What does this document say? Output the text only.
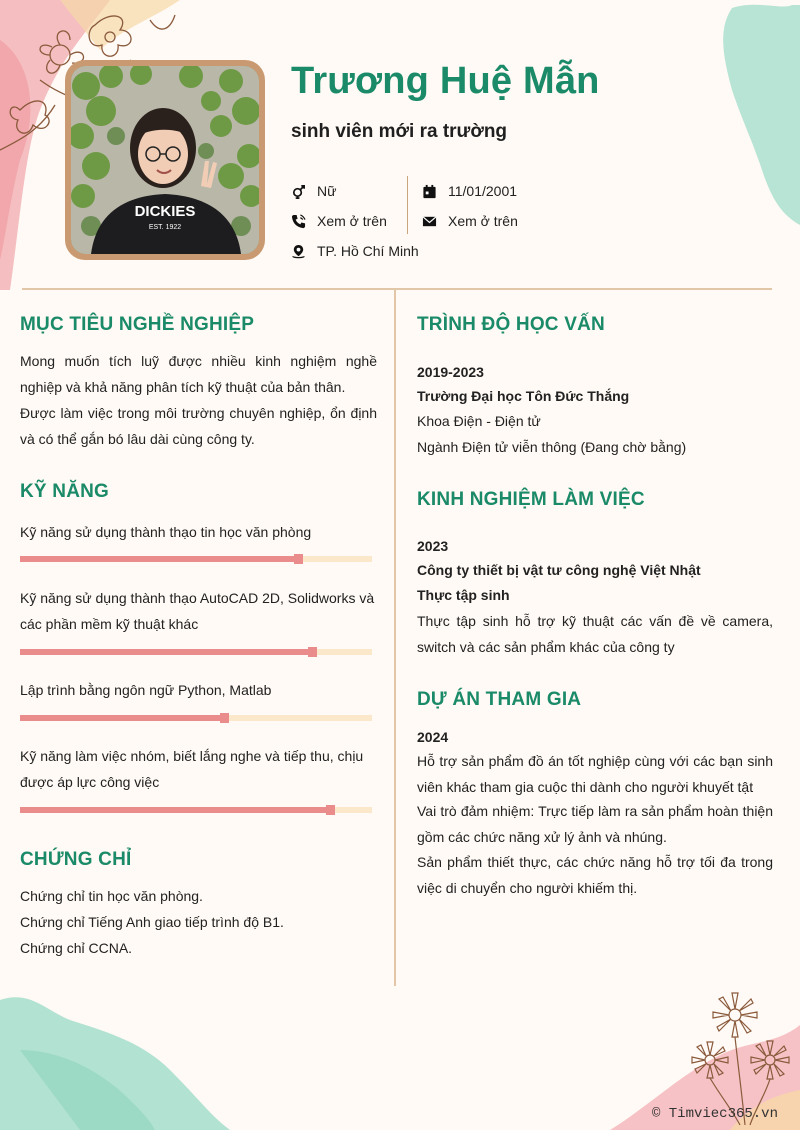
DICKIES
EST. 1922
Trương Huệ Mẫn
sinh viên mới ra trường
Nữ
Xem ở trên
TP. Hồ Chí Minh
11/01/2001
Xem ở trên
MỤC TIÊU NGHỀ NGHIỆP
Mong muốn tích luỹ được nhiều kinh nghiệm nghề nghiệp và khả năng phân tích kỹ thuật của bản thân.
Được làm việc trong môi trường chuyên nghiệp, ổn định và có thể gắn bó lâu dài cùng công ty.
KỸ NĂNG
Kỹ năng sử dụng thành thạo tin học văn phòng
Kỹ năng sử dụng thành thạo AutoCAD 2D, Solidworks và các phần mềm kỹ thuật khác
Lập trình bằng ngôn ngữ Python, Matlab
Kỹ năng làm việc nhóm, biết lắng nghe và tiếp thu, chịu được áp lực công việc
CHỨNG CHỈ
Chứng chỉ tin học văn phòng.
Chứng chỉ Tiếng Anh giao tiếp trình độ B1.
Chứng chỉ CCNA.
TRÌNH ĐỘ HỌC VẤN
2019-2023
Trường Đại học Tôn Đức Thắng
Khoa Điện - Điện tử
Ngành Điện tử viễn thông (Đang chờ bằng)
KINH NGHIỆM LÀM VIỆC
2023
Công ty thiết bị vật tư công nghệ Việt Nhật
Thực tập sinh
Thực tập sinh hỗ trợ kỹ thuật các vấn đề về camera, switch và các sản phẩm khác của công ty
DỰ ÁN THAM GIA
2024
Hỗ trợ sản phẩm đồ án tốt nghiệp cùng với các bạn sinh viên khác tham gia cuộc thi dành cho người khuyết tật
Vai trò đảm nhiệm: Trực tiếp làm ra sản phẩm hoàn thiện gồm các chức năng xử lý ảnh và nhúng.
Sản phẩm thiết thực, các chức năng hỗ trợ tối đa trong việc di chuyển cho người khiếm thị.
© Timviec365.vn
